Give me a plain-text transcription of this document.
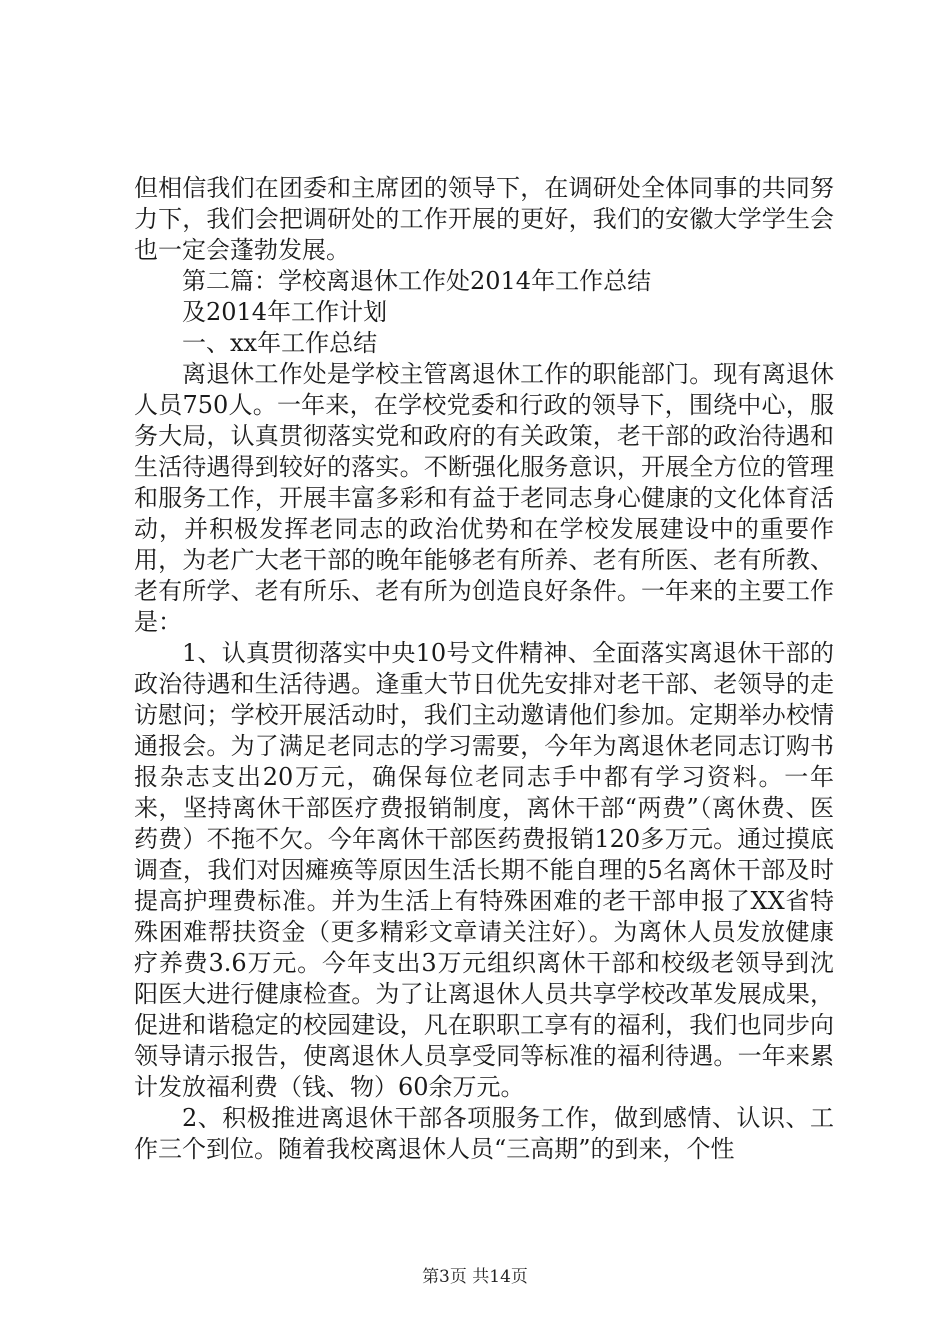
但相信我们在团委和主席团的领导下，在调研处全体同事的共同努力下，我们会把调研处的工作开展的更好，我们的安徽大学学生会也一定会蓬勃发展。

第二篇：学校离退休工作处2014年工作总结

及2014年工作计划

一、xx年工作总结

离退休工作处是学校主管离退休工作的职能部门。现有离退休人员750人。一年来，在学校党委和行政的领导下，围绕中心，服务大局，认真贯彻落实党和政府的有关政策，老干部的政治待遇和生活待遇得到较好的落实。不断强化服务意识，开展全方位的管理和服务工作，开展丰富多彩和有益于老同志身心健康的文化体育活动，并积极发挥老同志的政治优势和在学校发展建设中的重要作用，为老广大老干部的晚年能够老有所养、老有所医、老有所教、老有所学、老有所乐、老有所为创造良好条件。一年来的主要工作是：

1、认真贯彻落实中央10号文件精神、全面落实离退休干部的政治待遇和生活待遇。逢重大节日优先安排对老干部、老领导的走访慰问；学校开展活动时，我们主动邀请他们参加。定期举办校情通报会。为了满足老同志的学习需要，今年为离退休老同志订购书报杂志支出20万元，确保每位老同志手中都有学习资料。一年来，坚持离休干部医疗费报销制度，离休干部“两费”（离休费、医药费）不拖不欠。今年离休干部医药费报销120多万元。通过摸底调查，我们对因瘫痪等原因生活长期不能自理的5名离休干部及时提高护理费标准。并为生活上有特殊困难的老干部申报了XX省特殊困难帮扶资金（更多精彩文章请关注好）。为离休人员发放健康疗养费3.6万元。今年支出3万元组织离休干部和校级老领导到沈阳医大进行健康检查。为了让离退休人员共享学校改革发展成果，促进和谐稳定的校园建设，凡在职职工享有的福利，我们也同步向领导请示报告，使离退休人员享受同等标准的福利待遇。一年来累计发放福利费（钱、物）60余万元。

2、积极推进离退休干部各项服务工作，做到感情、认识、工作三个到位。随着我校离退休人员“三高期”的到来，个性

第3页 共14页
